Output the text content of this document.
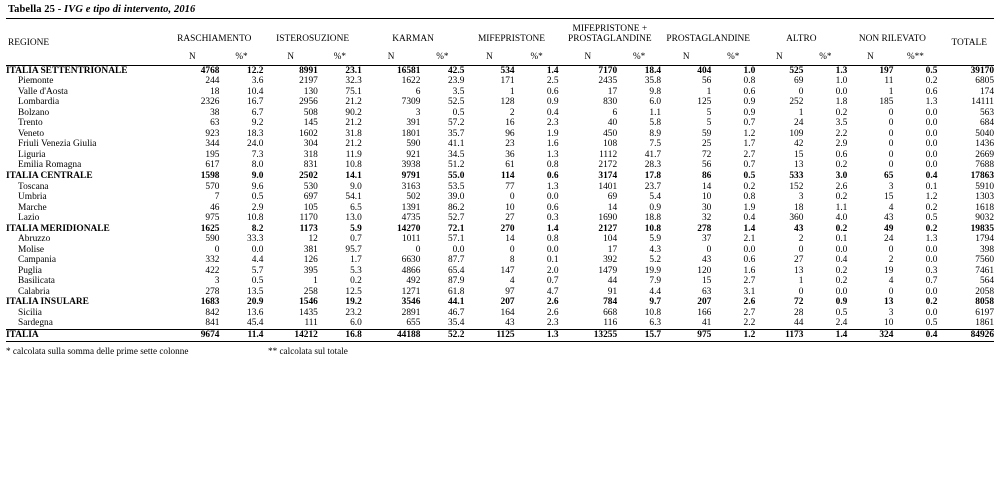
Tabella 25 - IVG e tipo di intervento, 2016
REGIONE	RASCHIAMENTO		ISTEROSUZIONE		KARMAN		MIFEPRISTONE		MIFEPRISTONE + PROSTAGLANDINE		PROSTAGLANDINE		ALTRO		NON RILEVATO		TOTALE
	N	%*	N	%*	N	%*	N	%*	N	%*	N	%*	N	%*	N	%**	
ITALIA SETTENTRIONALE	4768	12.2	8991	23.1	16581	42.5	534	1.4	7170	18.4	404	1.0	525	1.3	197	0.5	39170
Piemonte	244	3.6	2197	32.3	1622	23.9	171	2.5	2435	35.8	56	0.8	69	1.0	11	0.2	6805
Valle d'Aosta	18	10.4	130	75.1	6	3.5	1	0.6	17	9.8	1	0.6	0	0.0	1	0.6	174
Lombardia	2326	16.7	2956	21.2	7309	52.5	128	0.9	830	6.0	125	0.9	252	1.8	185	1.3	14111
Bolzano	38	6.7	508	90.2	3	0.5	2	0.4	6	1.1	5	0.9	1	0.2	0	0.0	563
Trento	63	9.2	145	21.2	391	57.2	16	2.3	40	5.8	5	0.7	24	3.5	0	0.0	684
Veneto	923	18.3	1602	31.8	1801	35.7	96	1.9	450	8.9	59	1.2	109	2.2	0	0.0	5040
Friuli Venezia Giulia	344	24.0	304	21.2	590	41.1	23	1.6	108	7.5	25	1.7	42	2.9	0	0.0	1436
Liguria	195	7.3	318	11.9	921	34.5	36	1.3	1112	41.7	72	2.7	15	0.6	0	0.0	2669
Emilia Romagna	617	8.0	831	10.8	3938	51.2	61	0.8	2172	28.3	56	0.7	13	0.2	0	0.0	7688
ITALIA CENTRALE	1598	9.0	2502	14.1	9791	55.0	114	0.6	3174	17.8	86	0.5	533	3.0	65	0.4	17863
Toscana	570	9.6	530	9.0	3163	53.5	77	1.3	1401	23.7	14	0.2	152	2.6	3	0.1	5910
Umbria	7	0.5	697	54.1	502	39.0	0	0.0	69	5.4	10	0.8	3	0.2	15	1.2	1303
Marche	46	2.9	105	6.5	1391	86.2	10	0.6	14	0.9	30	1.9	18	1.1	4	0.2	1618
Lazio	975	10.8	1170	13.0	4735	52.7	27	0.3	1690	18.8	32	0.4	360	4.0	43	0.5	9032
ITALIA MERIDIONALE	1625	8.2	1173	5.9	14270	72.1	270	1.4	2127	10.8	278	1.4	43	0.2	49	0.2	19835
Abruzzo	590	33.3	12	0.7	1011	57.1	14	0.8	104	5.9	37	2.1	2	0.1	24	1.3	1794
Molise	0	0.0	381	95.7	0	0.0	0	0.0	17	4.3	0	0.0	0	0.0	0	0.0	398
Campania	332	4.4	126	1.7	6630	87.7	8	0.1	392	5.2	43	0.6	27	0.4	2	0.0	7560
Puglia	422	5.7	395	5.3	4866	65.4	147	2.0	1479	19.9	120	1.6	13	0.2	19	0.3	7461
Basilicata	3	0.5	1	0.2	492	87.9	4	0.7	44	7.9	15	2.7	1	0.2	4	0.7	564
Calabria	278	13.5	258	12.5	1271	61.8	97	4.7	91	4.4	63	3.1	0	0.0	0	0.0	2058
ITALIA INSULARE	1683	20.9	1546	19.2	3546	44.1	207	2.6	784	9.7	207	2.6	72	0.9	13	0.2	8058
Sicilia	842	13.6	1435	23.2	2891	46.7	164	2.6	668	10.8	166	2.7	28	0.5	3	0.0	6197
Sardegna	841	45.4	111	6.0	655	35.4	43	2.3	116	6.3	41	2.2	44	2.4	10	0.5	1861
ITALIA	9674	11.4	14212	16.8	44188	52.2	1125	1.3	13255	15.7	975	1.2	1173	1.4	324	0.4	84926

* calcolata sulla somma delle prime sette colonne	** calcolata sul totale
